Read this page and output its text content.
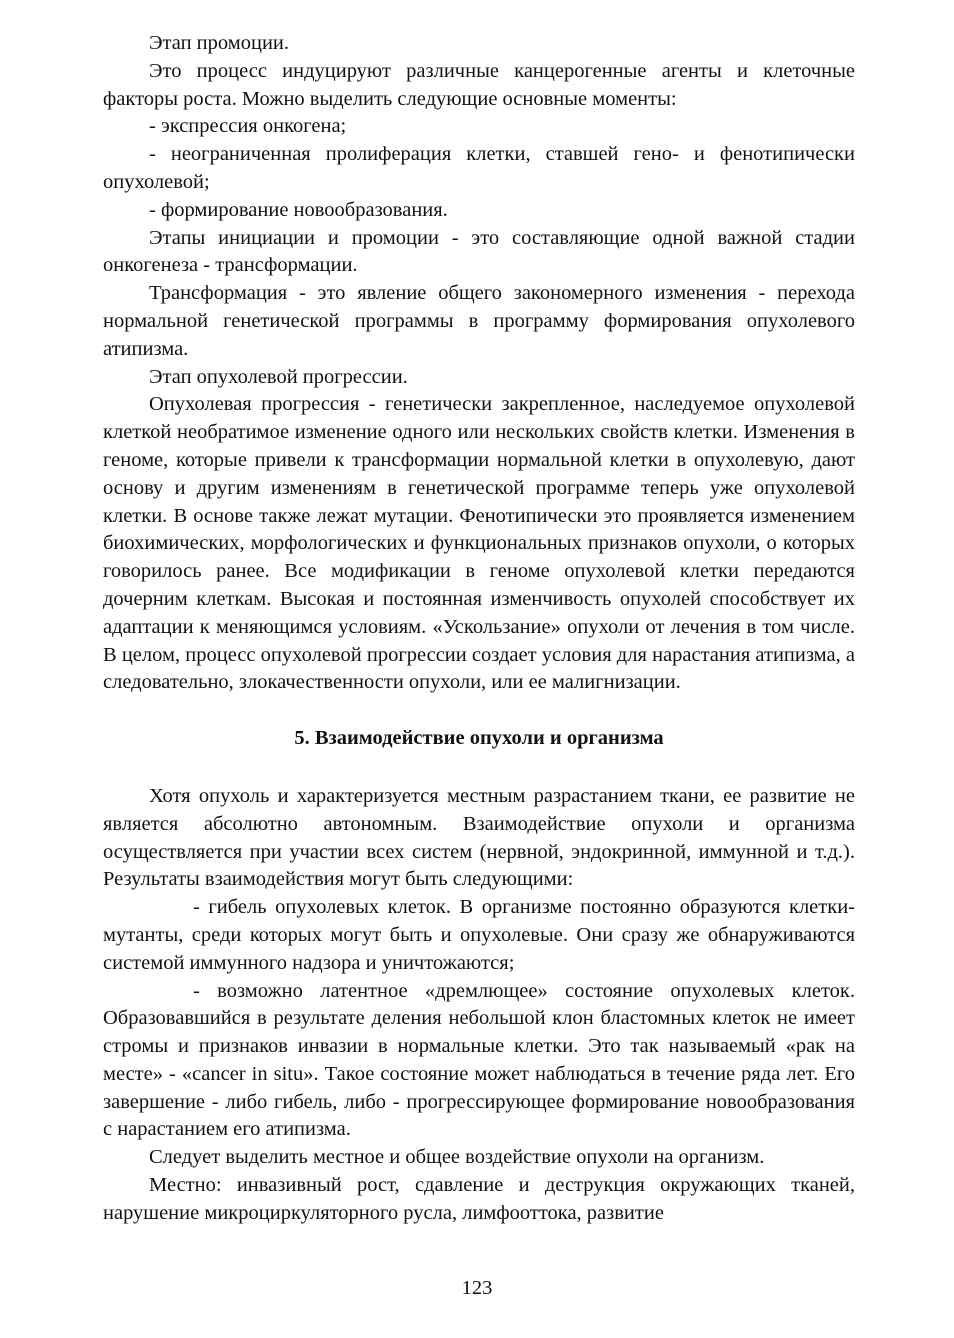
Этап промоции.

Это процесс индуцируют различные канцерогенные агенты и клеточные факторы роста. Можно выделить следующие основные моменты:

- экспрессия онкогена;

- неограниченная пролиферация клетки, ставшей гено- и фенотипически опухолевой;

- формирование новообразования.

Этапы инициации и промоции - это составляющие одной важной стадии онкогенеза - трансформации.

Трансформация - это явление общего закономерного изменения - перехода нормальной генетической программы в программу формирования опухолевого атипизма.

Этап опухолевой прогрессии.

Опухолевая прогрессия - генетически закрепленное, наследуемое опухолевой клеткой необратимое изменение одного или нескольких свойств клетки. Изменения в геноме, которые привели к трансформации нормальной клетки в опухолевую, дают основу и другим изменениям в генетической программе теперь уже опухолевой клетки. В основе также лежат мутации. Фенотипически это проявляется изменением биохимических, морфологических и функциональных признаков опухоли, о которых говорилось ранее. Все модификации в геноме опухолевой клетки передаются дочерним клеткам. Высокая и постоянная изменчивость опухолей способствует их адаптации к меняющимся условиям. «Ускользание» опухоли от лечения в том числе. В целом, процесс опухолевой прогрессии создает условия для нарастания атипизма, а следовательно, злокачественности опухоли, или ее малигнизации.

5. Взаимодействие опухоли и организма

Хотя опухоль и характеризуется местным разрастанием ткани, ее развитие не является абсолютно автономным. Взаимодействие опухоли и организма осуществляется при участии всех систем (нервной, эндокринной, иммунной и т.д.). Результаты взаимодействия могут быть следующими:

- гибель опухолевых клеток. В организме постоянно образуются клетки-мутанты, среди которых могут быть и опухолевые. Они сразу же обнаруживаются системой иммунного надзора и уничтожаются;

- возможно латентное «дремлющее» состояние опухолевых клеток. Образовавшийся в результате деления небольшой клон бластомных клеток не имеет стромы и признаков инвазии в нормальные клетки. Это так называемый «рак на месте» - «cancer in situ». Такое состояние может наблюдаться в течение ряда лет. Его завершение - либо гибель, либо - прогрессирующее формирование новообразования с нарастанием его атипизма.

Следует выделить местное и общее воздействие опухоли на организм.

Местно: инвазивный рост, сдавление и деструкция окружающих тканей, нарушение микроциркуляторного русла, лимфооттока, развитие

123
